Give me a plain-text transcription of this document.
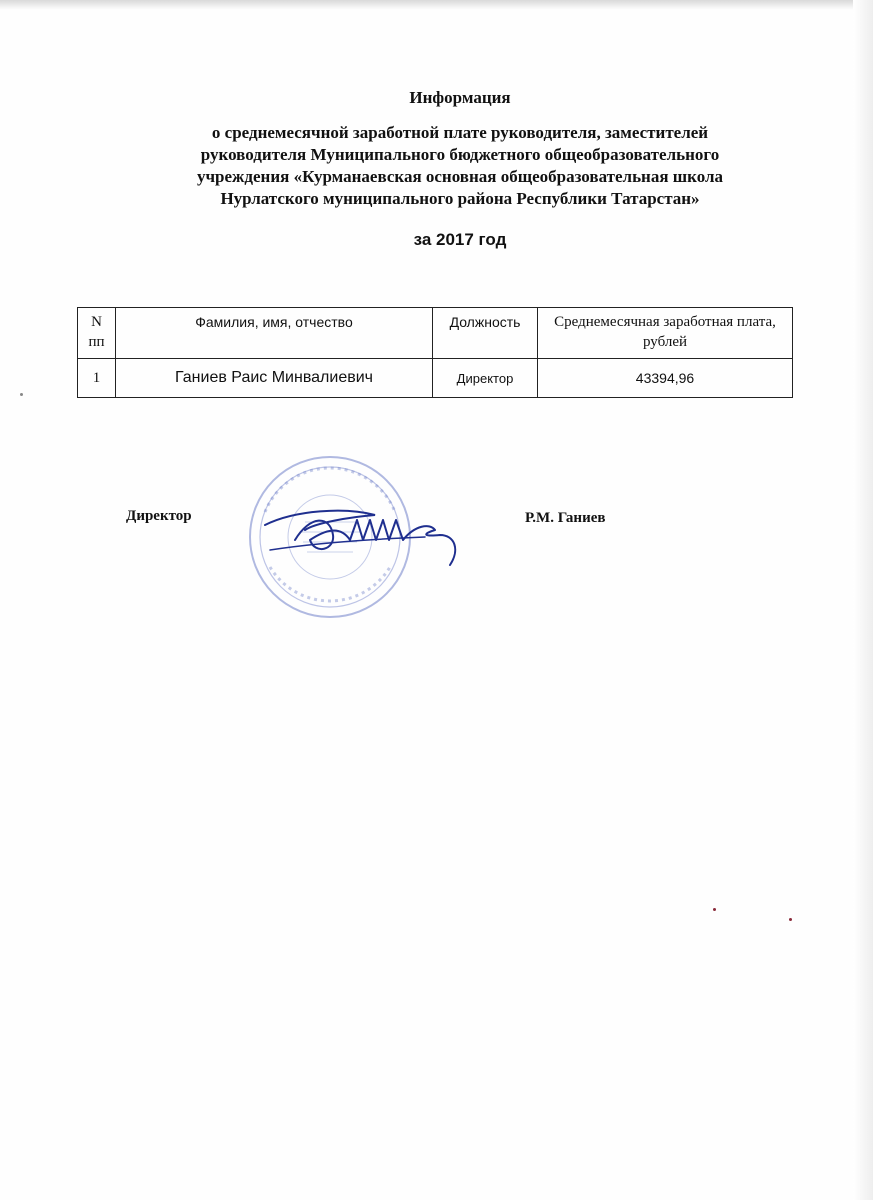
Информация
о среднемесячной заработной плате руководителя, заместителей
руководителя Муниципального бюджетного общеобразовательного
учреждения «Курманаевская основная общеобразовательная школа
Нурлатского муниципального района Республики Татарстан»
за 2017 год
N пп	Фамилия, имя, отчество	Должность	Среднемесячная заработная плата, рублей
1	Ганиев Раис Минвалиевич	Директор	43394,96
Директор	Р.М. Ганиев
